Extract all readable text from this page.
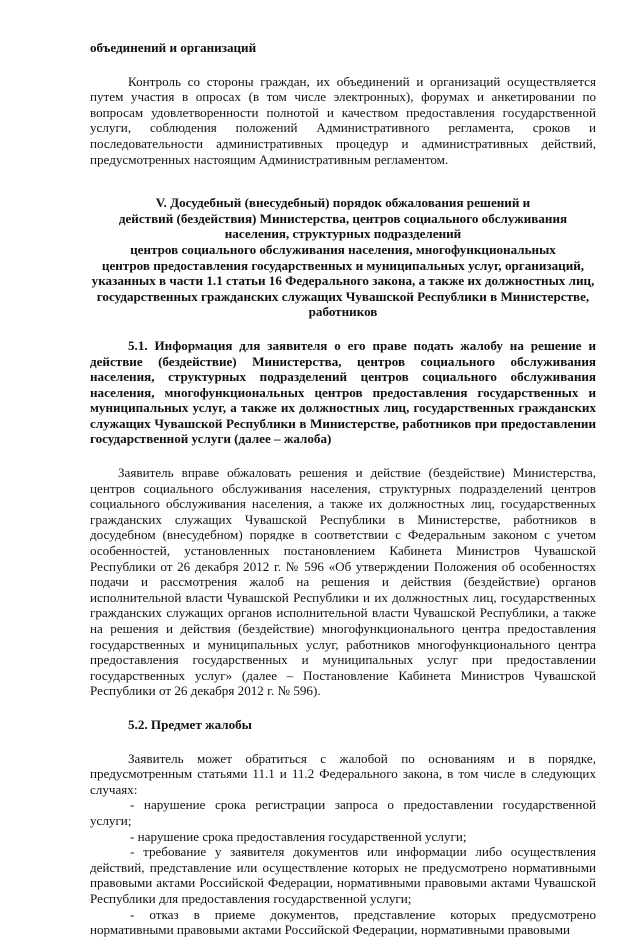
объединений и организаций

Контроль со стороны граждан, их объединений и организаций осуществляется путем участия в опросах (в том числе электронных), форумах и анкетировании по вопросам удовлетворенности полнотой и качеством предоставления государственной услуги, соблюдения положений Административного регламента, сроков и последовательности административных процедур и административных действий, предусмотренных настоящим Административным регламентом.

V. Досудебный (внесудебный) порядок обжалования решений и

действий (бездействия) Министерства, центров социального обслуживания

населения, структурных подразделений

центров социального обслуживания населения, многофункциональных

центров предоставления государственных и муниципальных услуг, организаций,

указанных в части 1.1 статьи 16 Федерального закона, а также их должностных лиц,

государственных гражданских служащих Чувашской Республики в Министерстве,

работников

5.1. Информация для заявителя о его праве подать жалобу на решение и действие (бездействие) Министерства, центров социального обслуживания населения, структурных подразделений центров социального обслуживания населения, многофункциональных центров предоставления государственных и муниципальных услуг, а также их должностных лиц, государственных гражданских служащих Чувашской Республики в Министерстве, работников при предоставлении государственной услуги (далее – жалоба)

Заявитель вправе обжаловать решения и действие (бездействие) Министерства, центров социального обслуживания населения, структурных подразделений центров социального обслуживания населения, а также их должностных лиц, государственных гражданских служащих Чувашской Республики в Министерстве, работников в досудебном (внесудебном) порядке в соответствии с Федеральным законом с учетом особенностей, установленных постановлением Кабинета Министров Чувашской Республики от 26 декабря 2012 г. № 596 «Об утверждении Положения об особенностях подачи и рассмотрения жалоб на решения и действия (бездействие) органов исполнительной власти Чувашской Республики и их должностных лиц, государственных гражданских служащих органов исполнительной власти Чувашской Республики, а также на решения и действия (бездействие) многофункционального центра предоставления государственных и муниципальных услуг, работников многофункционального центра предоставления государственных и муниципальных услуг при предоставлении государственных услуг» (далее – Постановление Кабинета Министров Чувашской Республики от 26 декабря 2012 г. № 596).

5.2. Предмет жалобы

Заявитель может обратиться с жалобой по основаниям и в порядке, предусмотренным статьями 11.1 и 11.2 Федерального закона, в том числе в следующих случаях:

- нарушение срока регистрации запроса о предоставлении государственной услуги;

- нарушение срока предоставления государственной услуги;

- требование у заявителя документов или информации либо осуществления действий, представление или осуществление которых не предусмотрено нормативными правовыми актами Российской Федерации, нормативными правовыми актами Чувашской Республики для предоставления государственной услуги;

- отказ в приеме документов, представление которых предусмотрено нормативными правовыми актами Российской Федерации, нормативными правовыми
